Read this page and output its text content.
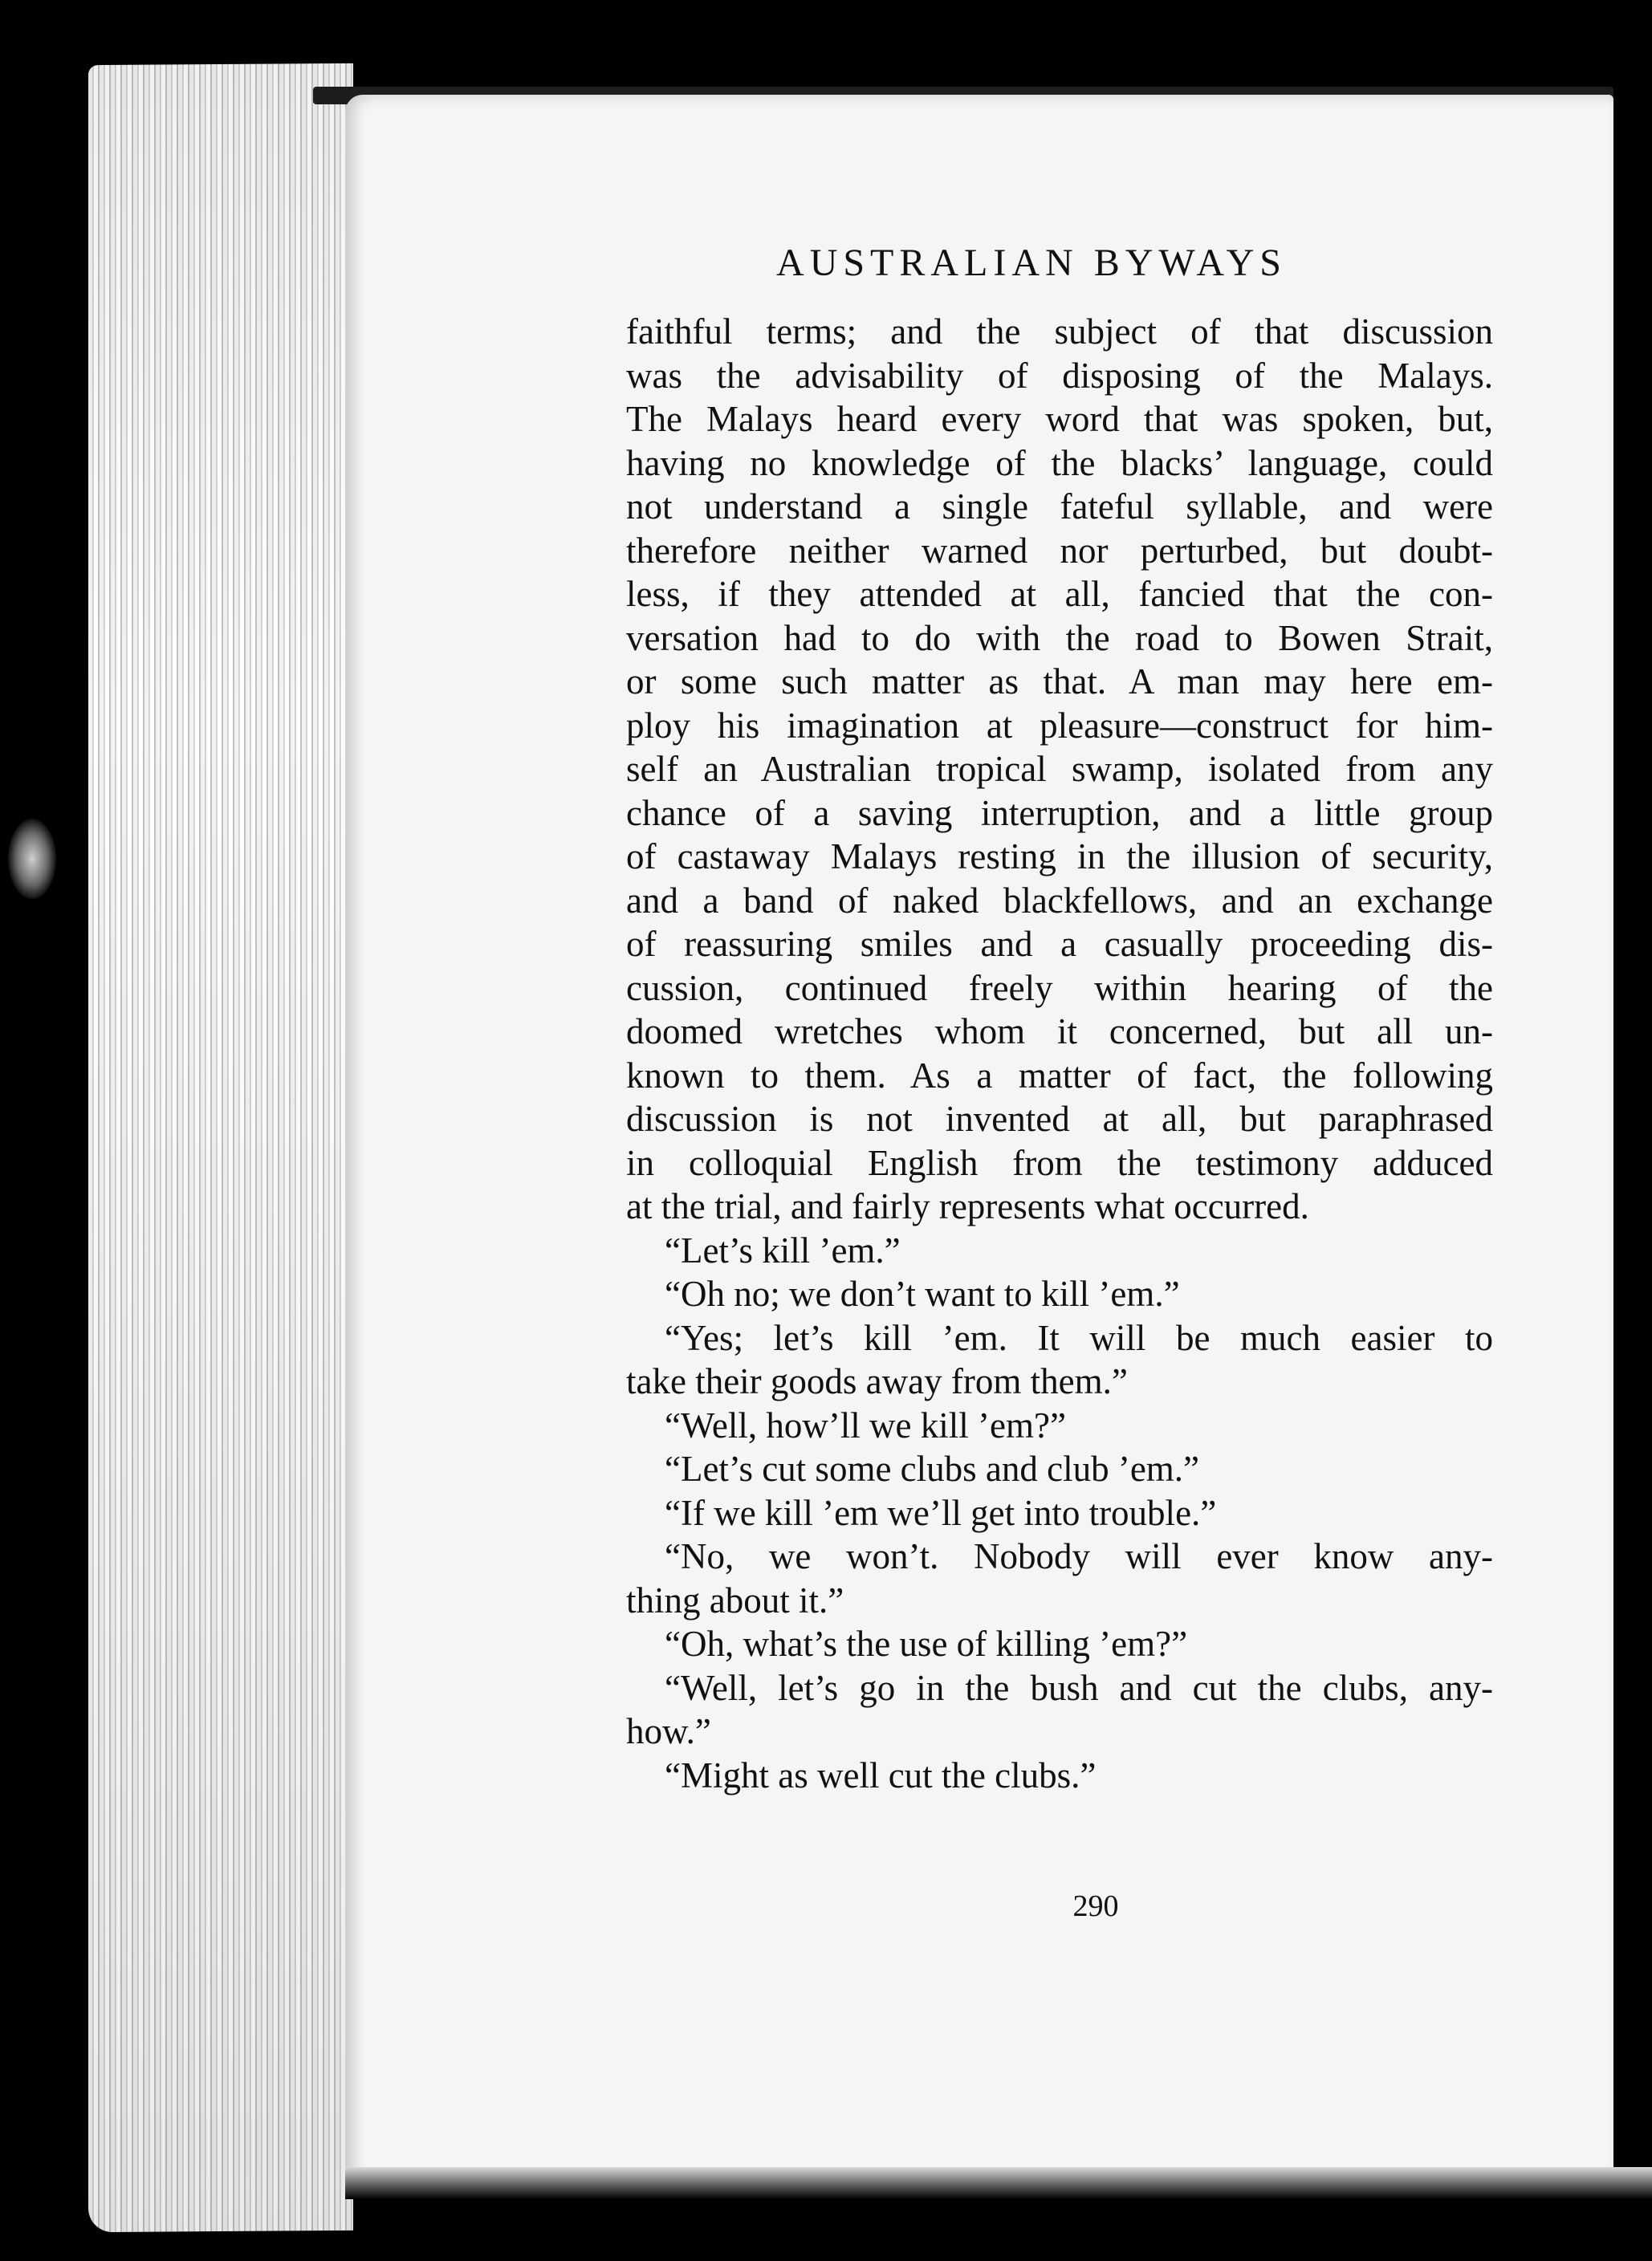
AUSTRALIAN BYWAYS
faithful terms; and the subject of that discussion
was the advisability of disposing of the Malays.
The Malays heard every word that was spoken, but,
having no knowledge of the blacks’ language, could
not understand a single fateful syllable, and were
therefore neither warned nor perturbed, but doubt-
less, if they attended at all, fancied that the con-
versation had to do with the road to Bowen Strait,
or some such matter as that. A man may here em-
ploy his imagination at pleasure—construct for him-
self an Australian tropical swamp, isolated from any
chance of a saving interruption, and a little group
of castaway Malays resting in the illusion of security,
and a band of naked blackfellows, and an exchange
of reassuring smiles and a casually proceeding dis-
cussion, continued freely within hearing of the
doomed wretches whom it concerned, but all un-
known to them. As a matter of fact, the following
discussion is not invented at all, but paraphrased
in colloquial English from the testimony adduced
at the trial, and fairly represents what occurred.
“Let’s kill ’em.”
“Oh no; we don’t want to kill ’em.”
“Yes; let’s kill ’em. It will be much easier to
take their goods away from them.”
“Well, how’ll we kill ’em?”
“Let’s cut some clubs and club ’em.”
“If we kill ’em we’ll get into trouble.”
“No, we won’t. Nobody will ever know any-
thing about it.”
“Oh, what’s the use of killing ’em?”
“Well, let’s go in the bush and cut the clubs, any-
how.”
“Might as well cut the clubs.”
290
